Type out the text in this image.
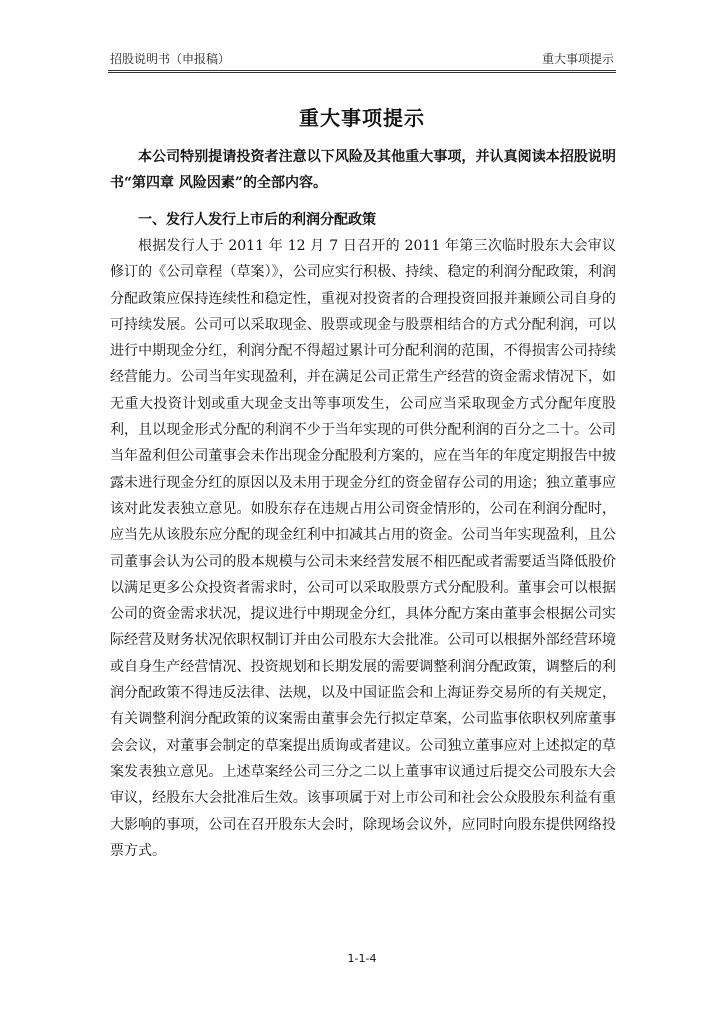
招股说明书（申报稿）	重大事项提示
重大事项提示
本公司特别提请投资者注意以下风险及其他重大事项，并认真阅读本招股说明书“第四章 风险因素”的全部内容。
一、发行人发行上市后的利润分配政策
根据发行人于 2011 年 12 月 7 日召开的 2011 年第三次临时股东大会审议修订的《公司章程（草案）》，公司应实行积极、持续、稳定的利润分配政策，利润分配政策应保持连续性和稳定性，重视对投资者的合理投资回报并兼顾公司自身的可持续发展。公司可以采取现金、股票或现金与股票相结合的方式分配利润，可以进行中期现金分红，利润分配不得超过累计可分配利润的范围，不得损害公司持续经营能力。公司当年实现盈利，并在满足公司正常生产经营的资金需求情况下，如无重大投资计划或重大现金支出等事项发生，公司应当采取现金方式分配年度股利，且以现金形式分配的利润不少于当年实现的可供分配利润的百分之二十。公司当年盈利但公司董事会未作出现金分配股利方案的，应在当年的年度定期报告中披露未进行现金分红的原因以及未用于现金分红的资金留存公司的用途；独立董事应该对此发表独立意见。如股东存在违规占用公司资金情形的，公司在利润分配时，应当先从该股东应分配的现金红利中扣减其占用的资金。公司当年实现盈利，且公司董事会认为公司的股本规模与公司未来经营发展不相匹配或者需要适当降低股价以满足更多公众投资者需求时，公司可以采取股票方式分配股利。董事会可以根据公司的资金需求状况，提议进行中期现金分红，具体分配方案由董事会根据公司实际经营及财务状况依职权制订并由公司股东大会批准。公司可以根据外部经营环境或自身生产经营情况、投资规划和长期发展的需要调整利润分配政策，调整后的利润分配政策不得违反法律、法规，以及中国证监会和上海证券交易所的有关规定，有关调整利润分配政策的议案需由董事会先行拟定草案，公司监事依职权列席董事会会议，对董事会制定的草案提出质询或者建议。公司独立董事应对上述拟定的草案发表独立意见。上述草案经公司三分之二以上董事审议通过后提交公司股东大会审议，经股东大会批准后生效。该事项属于对上市公司和社会公众股股东利益有重大影响的事项，公司在召开股东大会时，除现场会议外，应同时向股东提供网络投票方式。
1-1-4
